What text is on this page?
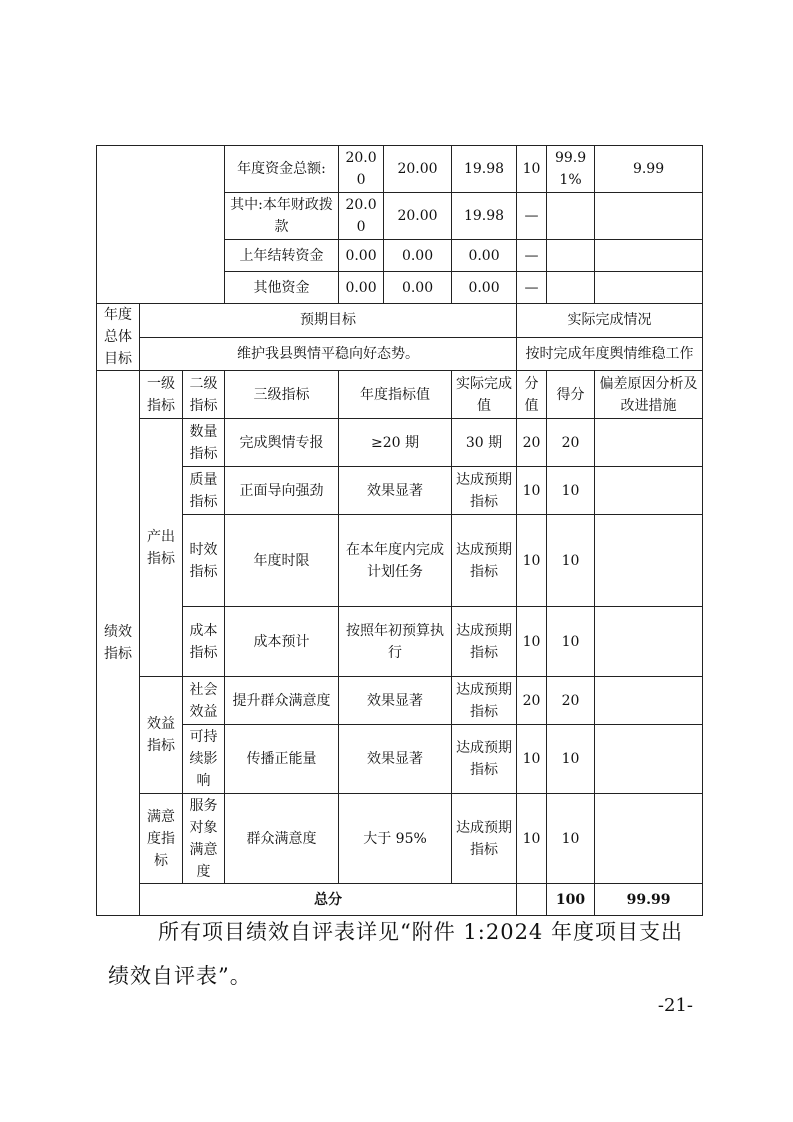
			年度资金总额:	20.00	20.00	19.98	10	99.91%	9.99	
			其中:本年财政拨款	20.00	20.00	19.98	—			
			上年结转资金	0.00	0.00	0.00	—			
			其他资金	0.00	0.00	0.00	—			
年度总体目标	预期目标						实际完成情况			
	维护我县舆情平稳向好态势。						按时完成年度舆情维稳工作			
绩效指标	一级指标	二级指标	三级指标	年度指标值		实际完成值	分值	得分	偏差原因分析及改进措施	
	产出指标	数量指标	完成舆情专报	≥20 期		30 期	20	20		
		质量指标	正面导向强劲	效果显著		达成预期指标	10	10		
		时效指标	年度时限	在本年度内完成计划任务		达成预期指标	10	10		
		成本指标	成本预计	按照年初预算执行		达成预期指标	10	10		
	效益指标	社会效益	提升群众满意度	效果显著		达成预期指标	20	20		
		可持续影响	传播正能量	效果显著		达成预期指标	10	10		
	满意度指标	服务对象满意度	群众满意度	大于 95%		达成预期指标	10	10		
	总分							100	99.99	

所有项目绩效自评表详见“附件 1:2024 年度项目支出绩效自评表”。

-21-
